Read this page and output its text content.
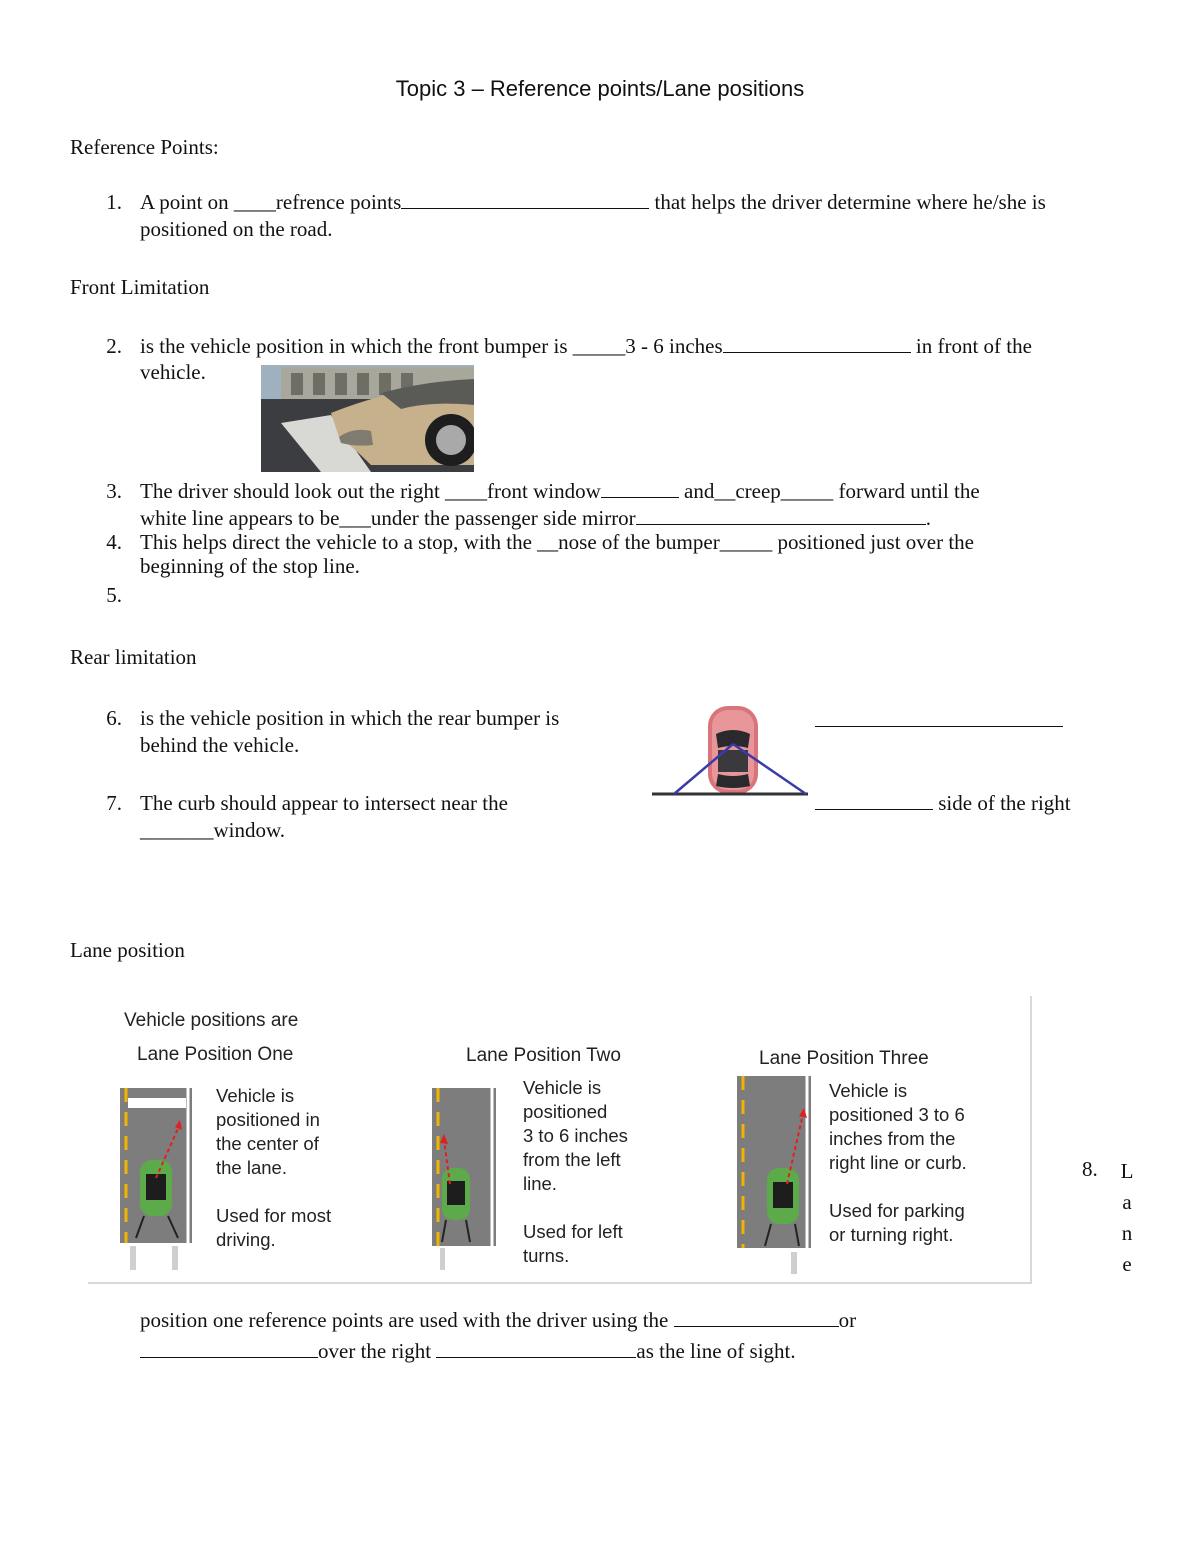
Topic 3 – Reference points/Lane positions
Reference Points:
1. A point on ____refrence points	that helps the driver determine where he/she is
positioned on the road.
Front Limitation
2. is the vehicle position in which the front bumper is _____3 - 6 inches	in front of the
vehicle.
3. The driver should look out the right ____front window	and__creep_____ forward until the
white line appears to be___under the passenger side mirror	.
4. This helps direct the vehicle to a stop, with the __nose of the bumper_____ positioned just over the
beginning of the stop line.
5.
Rear limitation
6. is the vehicle position in which the rear bumper is
behind the vehicle.
7. The curb should appear to intersect near the
_______window.
side of the right
Lane position
Vehicle positions are
Lane Position One
Vehicle is
positioned in
the center of
the lane.

Used for most
driving.
Lane Position Two
Vehicle is
positioned
3 to 6 inches
from the left
line.

Used for left
turns.
Lane Position Three
Vehicle is
positioned 3 to 6
inches from the
right line or curb.

Used for parking
or turning right.
8. L
a
n
e
position one reference points are used with the driver using the	or
over the right	as the line of sight.
